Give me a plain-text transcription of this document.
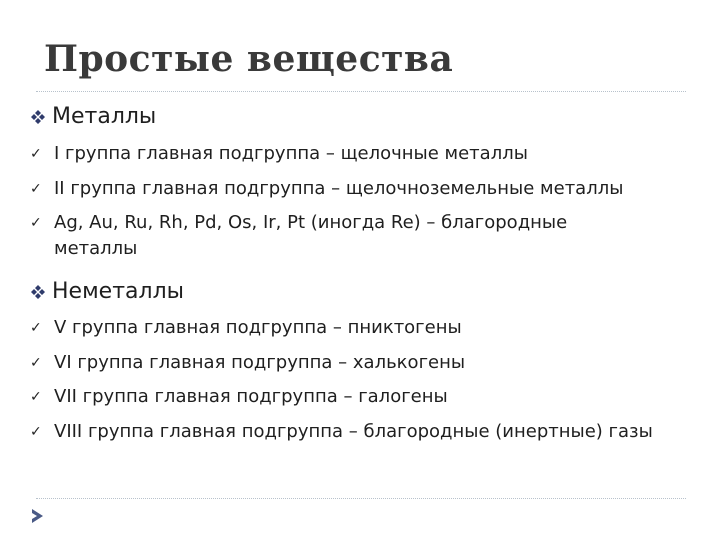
Простые вещества
Металлы
✓ I группа главная подгруппа – щелочные металлы
✓ II группа главная подгруппа – щелочноземельные металлы
✓ Ag, Au, Ru, Rh, Pd, Os, Ir, Pt (иногда Re) – благородные металлы
Неметаллы
✓ V группа главная подгруппа – пниктогены
✓ VI группа главная подгруппа – халькогены
✓ VII группа главная подгруппа – галогены
✓ VIII группа главная подгруппа – благородные (инертные) газы
